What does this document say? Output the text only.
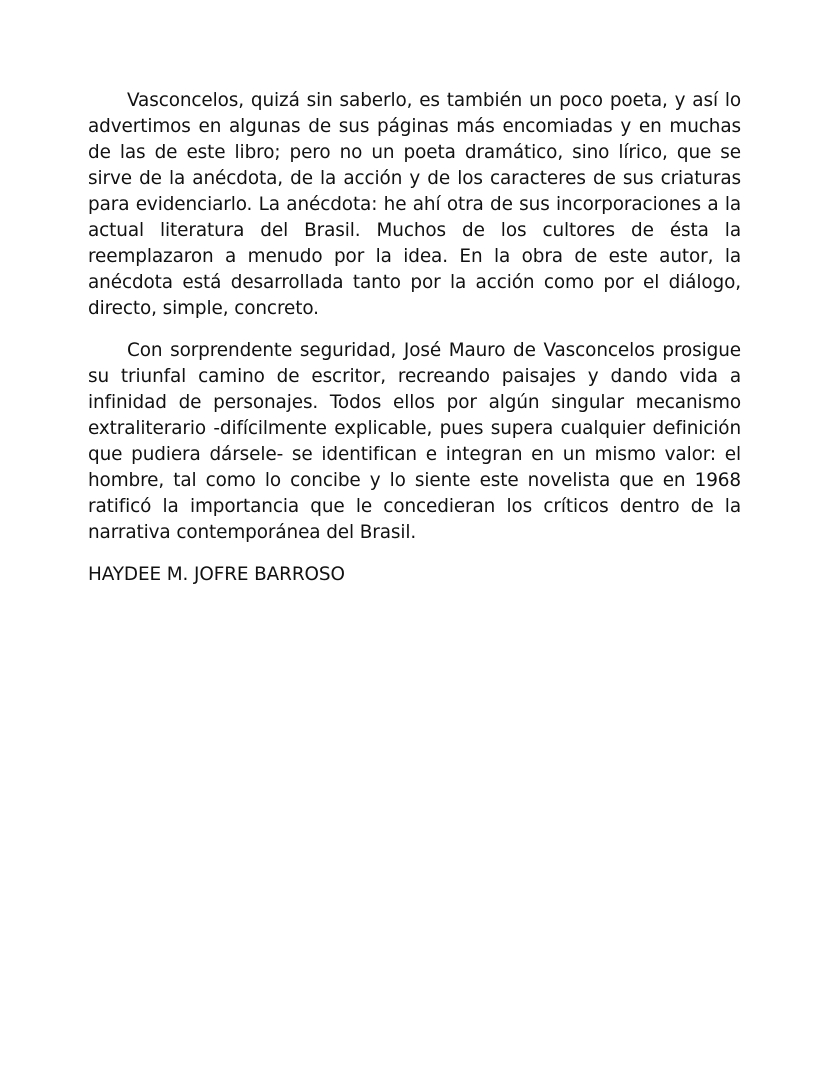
Vasconcelos, quizá sin saberlo, es también un poco poeta, y así lo advertimos en algunas de sus páginas más encomiadas y en muchas de las de este libro; pero no un poeta dramático, sino lírico, que se sirve de la anécdota, de la acción y de los caracteres de sus criaturas para evidenciarlo. La anécdota: he ahí otra de sus incorporaciones a la actual literatura del Brasil. Muchos de los cultores de ésta la reemplazaron a menudo por la idea. En la obra de este autor, la anécdota está desarrollada tanto por la acción como por el diálogo, directo, simple, concreto.

Con sorprendente seguridad, José Mauro de Vasconcelos prosigue su triunfal camino de escritor, recreando paisajes y dando vida a infinidad de personajes. Todos ellos por algún singular mecanismo extraliterario -difícilmente explicable, pues supera cualquier definición que pudiera dársele- se identifican e integran en un mismo valor: el hombre, tal como lo concibe y lo siente este novelista que en 1968 ratificó la importancia que le concedieran los críticos dentro de la narrativa contemporánea del Brasil.

HAYDEE M. JOFRE BARROSO
